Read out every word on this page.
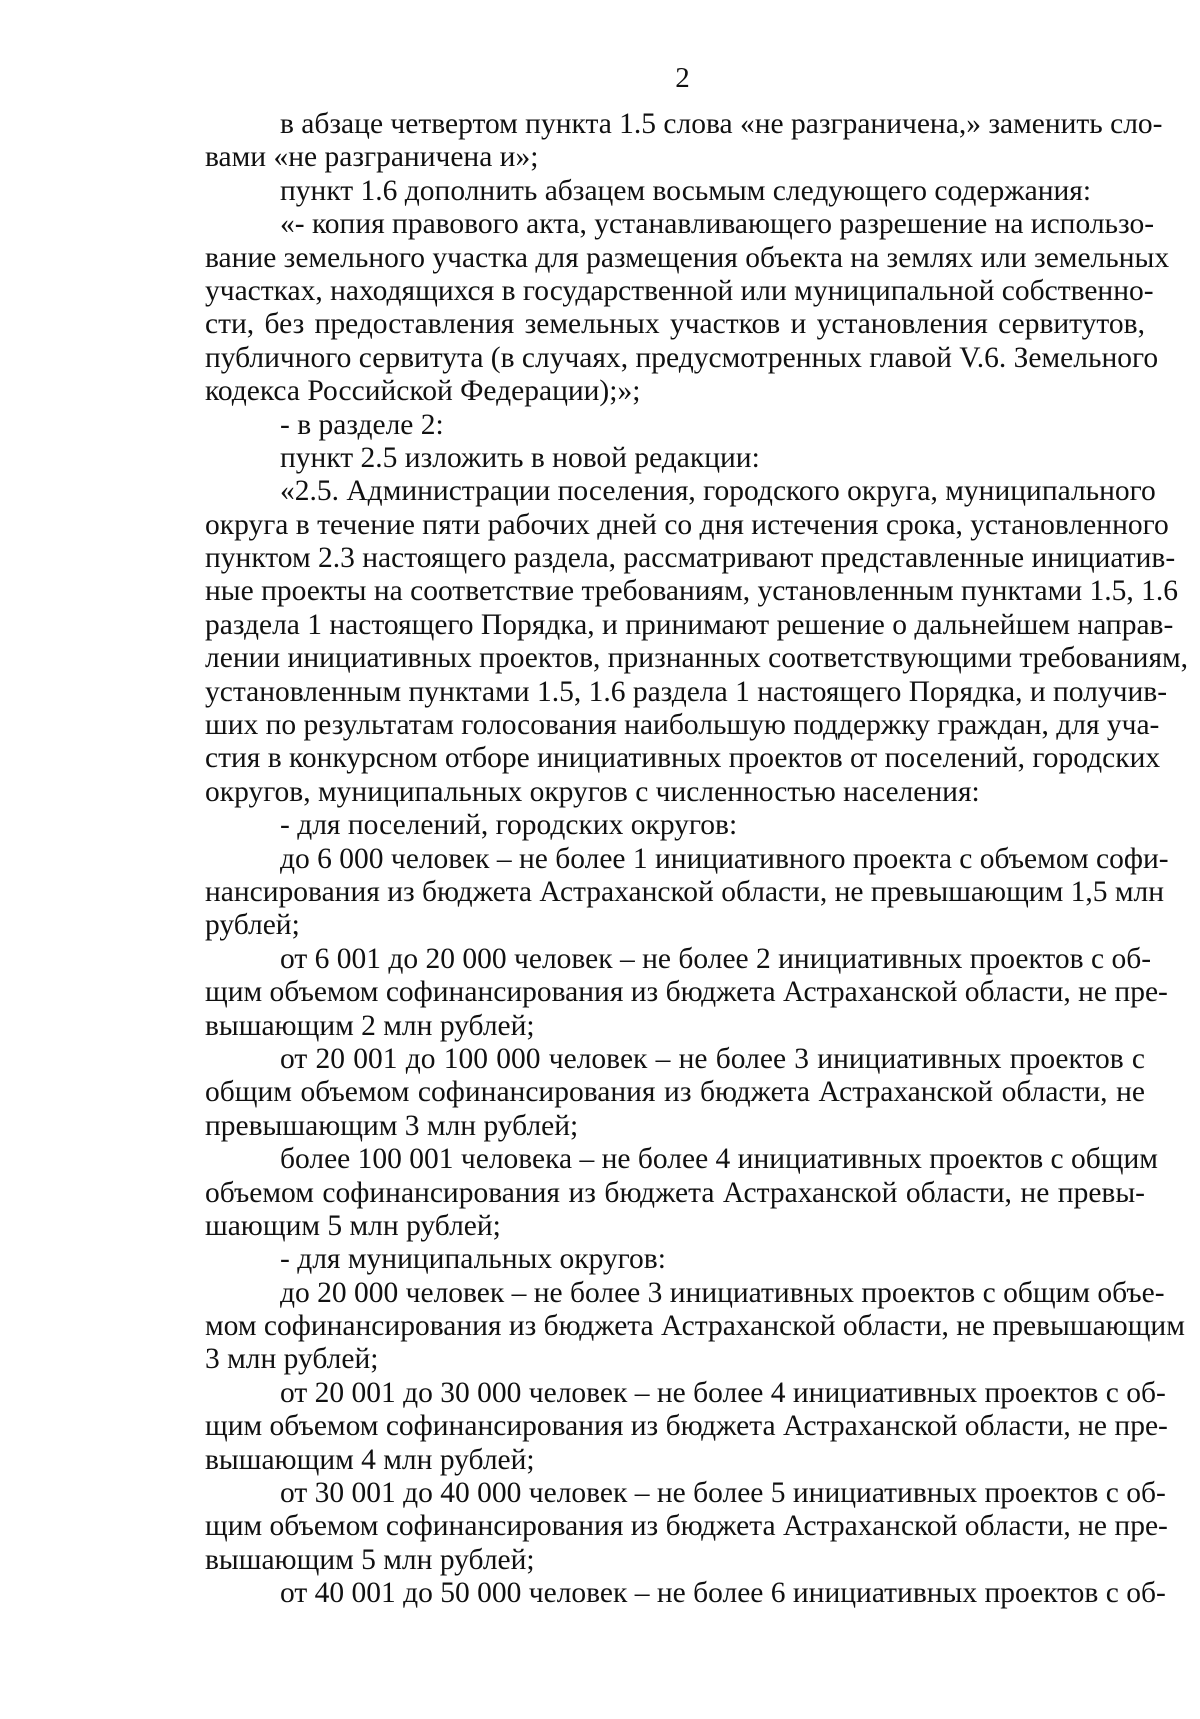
2
в абзаце четвертом пункта 1.5 слова «не разграничена,» заменить сло-
вами «не разграничена и»;
пункт 1.6 дополнить абзацем восьмым следующего содержания:
«- копия правового акта, устанавливающего разрешение на использо-
вание земельного участка для размещения объекта на землях или земельных
участках, находящихся в государственной или муниципальной собственно-
сти, без предоставления земельных участков и установления сервитутов,
публичного сервитута (в случаях, предусмотренных главой V.6. Земельного
кодекса Российской Федерации);»;
- в разделе 2:
пункт 2.5 изложить в новой редакции:
«2.5. Администрации поселения, городского округа, муниципального
округа в течение пяти рабочих дней со дня истечения срока, установленного
пунктом 2.3 настоящего раздела, рассматривают представленные инициатив-
ные проекты на соответствие требованиям, установленным пунктами 1.5, 1.6
раздела 1 настоящего Порядка, и принимают решение о дальнейшем направ-
лении инициативных проектов, признанных соответствующими требованиям,
установленным пунктами 1.5, 1.6 раздела 1 настоящего Порядка, и получив-
ших по результатам голосования наибольшую поддержку граждан, для уча-
стия в конкурсном отборе инициативных проектов от поселений, городских
округов, муниципальных округов с численностью населения:
- для поселений, городских округов:
до 6 000 человек – не более 1 инициативного проекта с объемом софи-
нансирования из бюджета Астраханской области, не превышающим 1,5 млн
рублей;
от 6 001 до 20 000 человек – не более 2 инициативных проектов с об-
щим объемом софинансирования из бюджета Астраханской области, не пре-
вышающим 2 млн рублей;
от 20 001 до 100 000 человек – не более 3 инициативных проектов с
общим объемом софинансирования из бюджета Астраханской области, не
превышающим 3 млн рублей;
более 100 001 человека – не более 4 инициативных проектов с общим
объемом софинансирования из бюджета Астраханской области, не превы-
шающим 5 млн рублей;
- для муниципальных округов:
до 20 000 человек – не более 3 инициативных проектов с общим объе-
мом софинансирования из бюджета Астраханской области, не превышающим
3 млн рублей;
от 20 001 до 30 000 человек – не более 4 инициативных проектов с об-
щим объемом софинансирования из бюджета Астраханской области, не пре-
вышающим 4 млн рублей;
от 30 001 до 40 000 человек – не более 5 инициативных проектов с об-
щим объемом софинансирования из бюджета Астраханской области, не пре-
вышающим 5 млн рублей;
от 40 001 до 50 000 человек – не более 6 инициативных проектов с об-
